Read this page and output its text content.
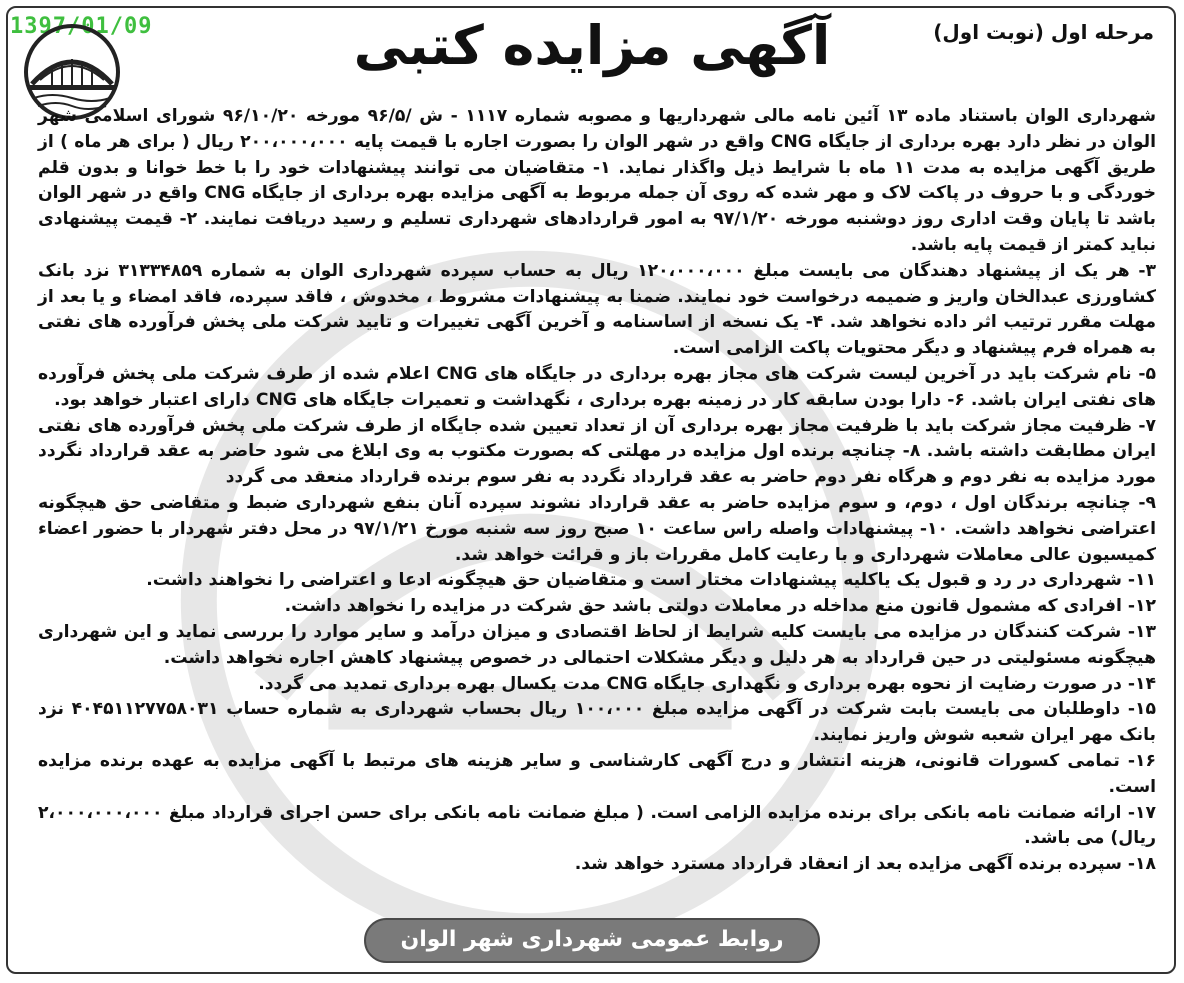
1397/01/09	مرحله اول (نوبت اول)
آگهی مزایده کتبی

شهرداری الوان باستناد ماده ۱۳ آئین نامه مالی شهرداریها و مصوبه شماره ۱۱۱۷ - ش /۹۶/۵ مورخه ۹۶/۱۰/۲۰ شورای اسلامی شهر الوان در نظر دارد بهره برداری از جایگاه CNG واقع در شهر الوان را بصورت اجاره با قیمت پایه ۲۰۰،۰۰۰،۰۰۰ ریال ( برای هر ماه ) از طریق آگهی مزایده به مدت ۱۱ ماه با شرایط ذیل واگذار نماید. ۱- متقاضیان می توانند پیشنهادات خود را با خط خوانا و بدون قلم خوردگی و با حروف در پاکت لاک و مهر شده که روی آن جمله مربوط به آگهی مزایده بهره برداری از جایگاه CNG واقع در شهر الوان باشد تا پایان وقت اداری روز دوشنبه مورخه ۹۷/۱/۲۰ به امور قراردادهای شهرداری تسلیم و رسید دریافت نمایند. ۲- قیمت پیشنهادی نباید کمتر از قیمت پایه باشد.

۳- هر یک از پیشنهاد دهندگان می بایست مبلغ ۱۲۰،۰۰۰،۰۰۰ ریال به حساب سپرده شهرداری الوان به شماره ۳۱۳۳۴۸۵۹ نزد بانک کشاورزی عبدالخان واریز و ضمیمه درخواست خود نمایند. ضمنا به پیشنهادات مشروط ، مخدوش ، فاقد سپرده، فاقد امضاء و یا بعد از مهلت مقرر ترتیب اثر داده نخواهد شد. ۴- یک نسخه از اساسنامه و آخرین آگهی تغییرات و تایید شرکت ملی پخش فرآورده های نفتی به همراه فرم پیشنهاد و دیگر محتویات پاکت الزامی است.

۵- نام شرکت باید در آخرین لیست شرکت های مجاز بهره برداری در جایگاه های CNG اعلام شده از طرف شرکت ملی پخش فرآورده های نفتی ایران باشد. ۶- دارا بودن سابقه کار در زمینه بهره برداری ، نگهداشت و تعمیرات جایگاه های CNG دارای اعتبار خواهد بود.

۷- ظرفیت مجاز شرکت باید با ظرفیت مجاز بهره برداری آن از تعداد تعیین شده جایگاه از طرف شرکت ملی پخش فرآورده های نفتی ایران مطابقت داشته باشد. ۸- چنانچه برنده اول مزایده در مهلتی که بصورت مکتوب به وی ابلاغ می شود حاضر به عقد قرارداد نگردد مورد مزایده به نفر دوم و هرگاه نفر دوم حاضر به عقد قرارداد نگردد به نفر سوم برنده قرارداد منعقد می گردد

۹- چنانچه برندگان اول ، دوم، و سوم مزایده حاضر به عقد قرارداد نشوند سپرده آنان بنفع شهرداری ضبط و متقاضی حق هیچگونه اعتراضی نخواهد داشت. ۱۰- پیشنهادات واصله راس ساعت ۱۰ صبح روز سه شنبه مورخ ۹۷/۱/۲۱ در محل دفتر شهردار با حضور اعضاء کمیسیون عالی معاملات شهرداری و با رعایت کامل مقررات باز و قرائت خواهد شد.

۱۱- شهرداری در رد و قبول یک یاکلیه پیشنهادات مختار است و متقاضیان حق هیچگونه ادعا و اعتراضی را نخواهند داشت.

۱۲- افرادی که مشمول قانون منع مداخله در معاملات دولتی باشد حق شرکت در مزایده را نخواهد داشت.

۱۳- شرکت کنندگان در مزایده می بایست کلیه شرایط از لحاظ اقتصادی و میزان درآمد و سایر موارد را بررسی نماید و این شهرداری هیچگونه مسئولیتی در حین قرارداد به هر دلیل و دیگر مشکلات احتمالی در خصوص پیشنهاد کاهش اجاره نخواهد داشت.

۱۴- در صورت رضایت از نحوه بهره برداری و نگهداری جایگاه CNG مدت یکسال بهره برداری تمدید می گردد.

۱۵- داوطلبان می بایست بابت شرکت در آگهی مزایده مبلغ ۱۰۰،۰۰۰ ریال بحساب شهرداری به شماره حساب ۴۰۴۵۱۱۲۷۷۵۸۰۳۱ نزد بانک مهر ایران شعبه شوش واریز نمایند.

۱۶- تمامی کسورات قانونی، هزینه انتشار و درج آگهی کارشناسی و سایر هزینه های مرتبط با آگهی مزایده به عهده برنده مزایده است.

۱۷- ارائه ضمانت نامه بانکی برای برنده مزایده الزامی است. ( مبلغ ضمانت نامه بانکی برای حسن اجرای قرارداد مبلغ ۲،۰۰۰،۰۰۰،۰۰۰ ریال) می باشد.

۱۸- سپرده برنده آگهی مزایده بعد از انعقاد قرارداد مسترد خواهد شد.

روابط عمومی شهرداری شهر الوان
